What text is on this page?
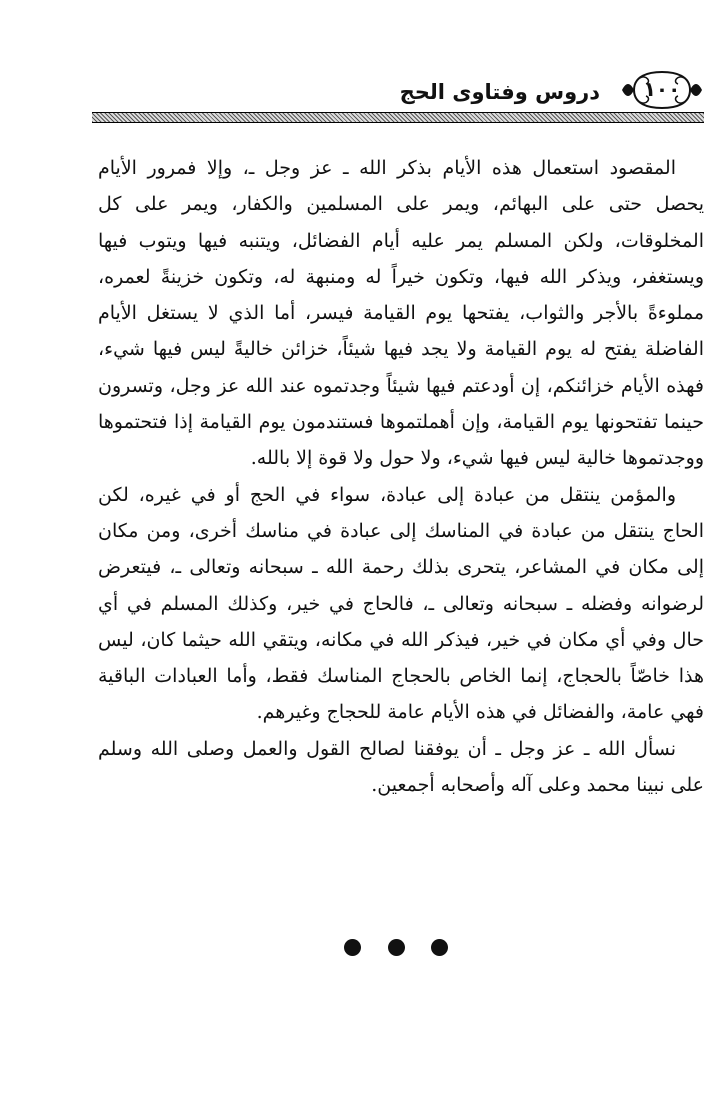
١٠٠
دروس وفتاوى الحج

المقصود استعمال هذه الأيام بذكر الله ـ عز وجل ـ، وإلا فمرور الأيام يحصل حتى على البهائم، ويمر على المسلمين والكفار، ويمر على كل المخلوقات، ولكن المسلم يمر عليه أيام الفضائل، ويتنبه فيها ويتوب فيها ويستغفر، ويذكر الله فيها، وتكون خيراً له ومنبهة له، وتكون خزينةً لعمره، مملوءةً بالأجر والثواب، يفتحها يوم القيامة فيسر، أما الذي لا يستغل الأيام الفاضلة يفتح له يوم القيامة ولا يجد فيها شيئاً، خزائن خاليةً ليس فيها شيء، فهذه الأيام خزائنكم، إن أودعتم فيها شيئاً وجدتموه عند الله عز وجل، وتسرون حينما تفتحونها يوم القيامة، وإن أهملتموها فستندمون يوم القيامة إذا فتحتموها ووجدتموها خالية ليس فيها شيء، ولا حول ولا قوة إلا بالله.

والمؤمن ينتقل من عبادة إلى عبادة، سواء في الحج أو في غيره، لكن الحاج ينتقل من عبادة في المناسك إلى عبادة في مناسك أخرى، ومن مكان إلى مكان في المشاعر، يتحرى بذلك رحمة الله ـ سبحانه وتعالى ـ، فيتعرض لرضوانه وفضله ـ سبحانه وتعالى ـ، فالحاج في خير، وكذلك المسلم في أي حال وفي أي مكان في خير، فيذكر الله في مكانه، ويتقي الله حيثما كان، ليس هذا خاصّاً بالحجاج، إنما الخاص بالحجاج المناسك فقط، وأما العبادات الباقية فهي عامة، والفضائل في هذه الأيام عامة للحجاج وغيرهم.

نسأل الله ـ عز وجل ـ أن يوفقنا لصالح القول والعمل وصلى الله وسلم على نبينا محمد وعلى آله وأصحابه أجمعين.
